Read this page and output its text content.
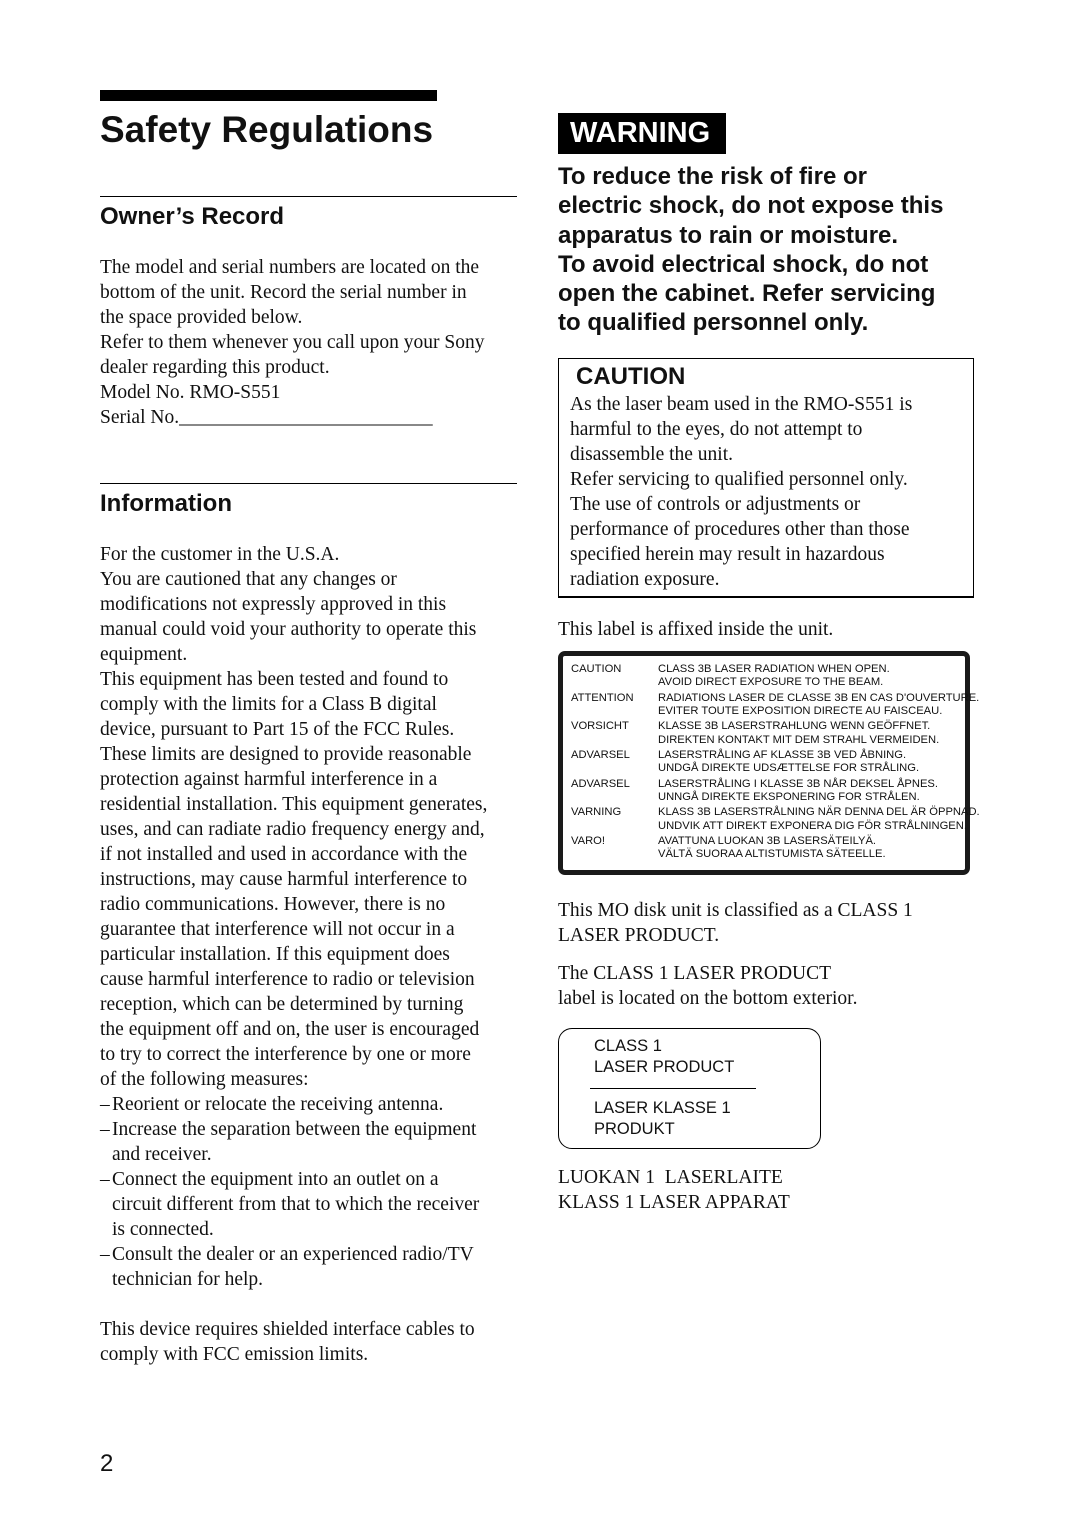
Safety Regulations
Owner’s Record

The model and serial numbers are located on the

bottom of the unit. Record the serial number in

the space provided below.

Refer to them whenever you call upon your Sony

dealer regarding this product.

Model No. RMO-S551

Serial No.__________________________

Information

For the customer in the U.S.A.

You are cautioned that any changes or

modifications not expressly approved in this

manual could void your authority to operate this

equipment.

This equipment has been tested and found to

comply with the limits for a Class B digital

device, pursuant to Part 15 of the FCC Rules.

These limits are designed to provide reasonable

protection against harmful interference in a

residential installation. This equipment generates,

uses, and can radiate radio frequency energy and,

if not installed and used in accordance with the

instructions, may cause harmful interference to

radio communications. However, there is no

guarantee that interference will not occur in a

particular installation. If this equipment does

cause harmful interference to radio or television

reception, which can be determined by turning

the equipment off and on, the user is encouraged

to try to correct the interference by one or more

of the following measures:

– Reorient or relocate the receiving antenna.

– Increase the separation between the equipment

and receiver.

– Connect the equipment into an outlet on a

circuit different from that to which the receiver

is connected.

– Consult the dealer or an experienced radio/TV

technician for help.

This device requires shielded interface cables to

comply with FCC emission limits.

WARNING

To reduce the risk of fire or

electric shock, do not expose this

apparatus to rain or moisture.

To avoid electrical shock, do not

open the cabinet. Refer servicing

to qualified personnel only.

CAUTION

As the laser beam used in the RMO-S551 is

harmful to the eyes, do not attempt to

disassemble the unit.

Refer servicing to qualified personnel only.

The use of controls or adjustments or

performance of procedures other than those

specified herein may result in hazardous

radiation exposure.

This label is affixed inside the unit.

CAUTION	CLASS 3B LASER RADIATION WHEN OPEN.
AVOID DIRECT EXPOSURE TO THE BEAM.
ATTENTION RADIATIONS LASER DE CLASSE 3B EN CAS D'OUVERTURE.
EVITER TOUTE EXPOSITION DIRECTE AU FAISCEAU.
VORSICHT	KLASSE 3B LASERSTRAHLUNG WENN GEÖFFNET.
DIREKTEN KONTAKT MIT DEM STRAHL VERMEIDEN.
ADVARSEL	LASERSTRÅLING AF KLASSE 3B VED ÅBNING.
UNDGÅ DIREKTE UDSÆTTELSE FOR STRÅLING.
ADVARSEL	LASERSTRÅLING I KLASSE 3B NÅR DEKSEL ÅPNES.
UNNGÅ DIREKTE EKSPONERING FOR STRÅLEN.
VARNING	KLASS 3B LASERSTRÅLNING NÄR DENNA DEL ÄR ÖPPNAD.
UNDVIK ATT DIREKT EXPONERA DIG FÖR STRÅLNINGEN.
VARO!	AVATTUNA LUOKAN 3B LASERSÄTEILYÄ.
VÄLTÄ SUORAA ALTISTUMISTA SÄTEELLE.

This MO disk unit is classified as a CLASS 1

LASER PRODUCT.

The CLASS 1 LASER PRODUCT

label is located on the bottom exterior.

CLASS 1
LASER PRODUCT
LASER KLASSE 1
PRODUKT

LUOKAN 1  LASERLAITE

KLASS 1 LASER APPARAT

2
